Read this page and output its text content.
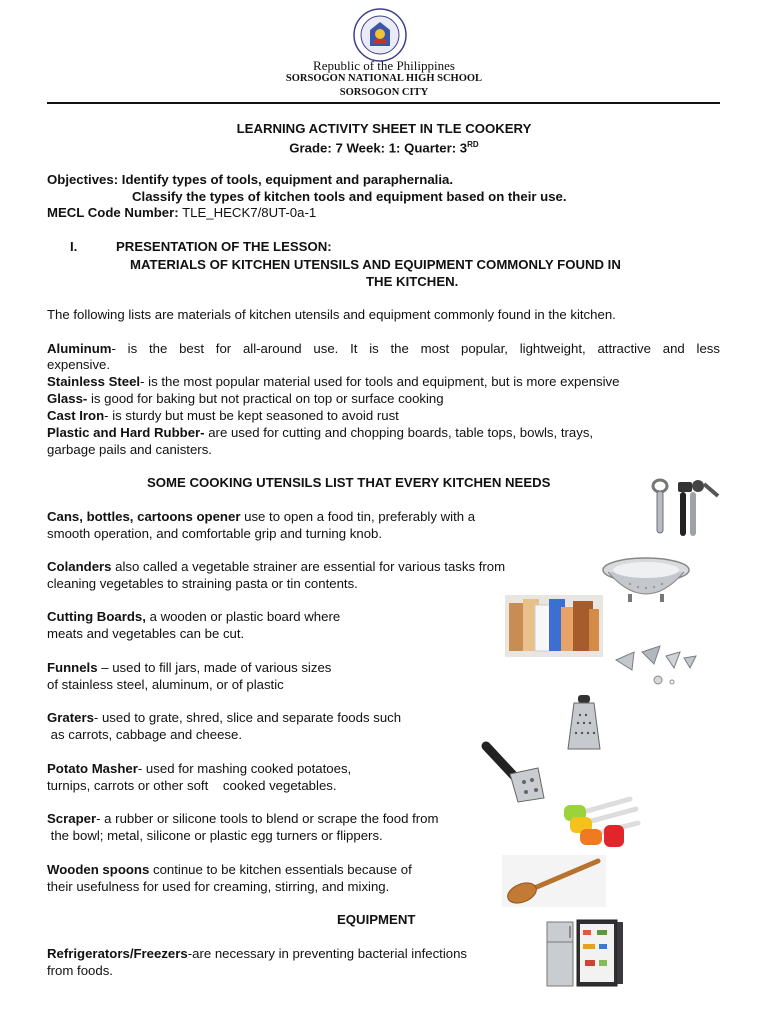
Republic of the Philippines
SORSOGON NATIONAL HIGH SCHOOL
SORSOGON CITY
LEARNING ACTIVITY SHEET IN TLE COOKERY
Grade: 7 Week: 1: Quarter: 3RD
Objectives: Identify types of tools, equipment and paraphernalia.
Classify the types of kitchen tools and equipment based on their use.
MECL Code Number: TLE_HECK7/8UT-0a-1
I.	PRESENTATION OF THE LESSON:
MATERIALS OF KITCHEN UTENSILS AND EQUIPMENT COMMONLY FOUND IN
THE KITCHEN.
The following lists are materials of kitchen utensils and equipment commonly found in the kitchen.
Aluminum- is the best for all-around use. It is the most popular, lightweight, attractive and less
expensive.
Stainless Steel- is the most popular material used for tools and equipment, but is more expensive
Glass- is good for baking but not practical on top or surface cooking
Cast Iron- is sturdy but must be kept seasoned to avoid rust
Plastic and Hard Rubber- are used for cutting and chopping boards, table tops, bowls, trays,
garbage pails and canisters.
SOME COOKING UTENSILS LIST THAT EVERY KITCHEN NEEDS
Cans, bottles, cartoons opener use to open a food tin, preferably with a
smooth operation, and comfortable grip and turning knob.
Colanders also called a vegetable strainer are essential for various tasks from
cleaning vegetables to straining pasta or tin contents.
Cutting Boards, a wooden or plastic board where
meats and vegetables can be cut.
Funnels – used to fill jars, made of various sizes
of stainless steel, aluminum, or of plastic
Graters- used to grate, shred, slice and separate foods such
as carrots, cabbage and cheese.
Potato Masher- used for mashing cooked potatoes,
turnips, carrots or other soft    cooked vegetables.
Scraper- a rubber or silicone tools to blend or scrape the food from
the bowl; metal, silicone or plastic egg turners or flippers.
Wooden spoons continue to be kitchen essentials because of
their usefulness for used for creaming, stirring, and mixing.
EQUIPMENT
Refrigerators/Freezers-are necessary in preventing bacterial infections
from foods.
